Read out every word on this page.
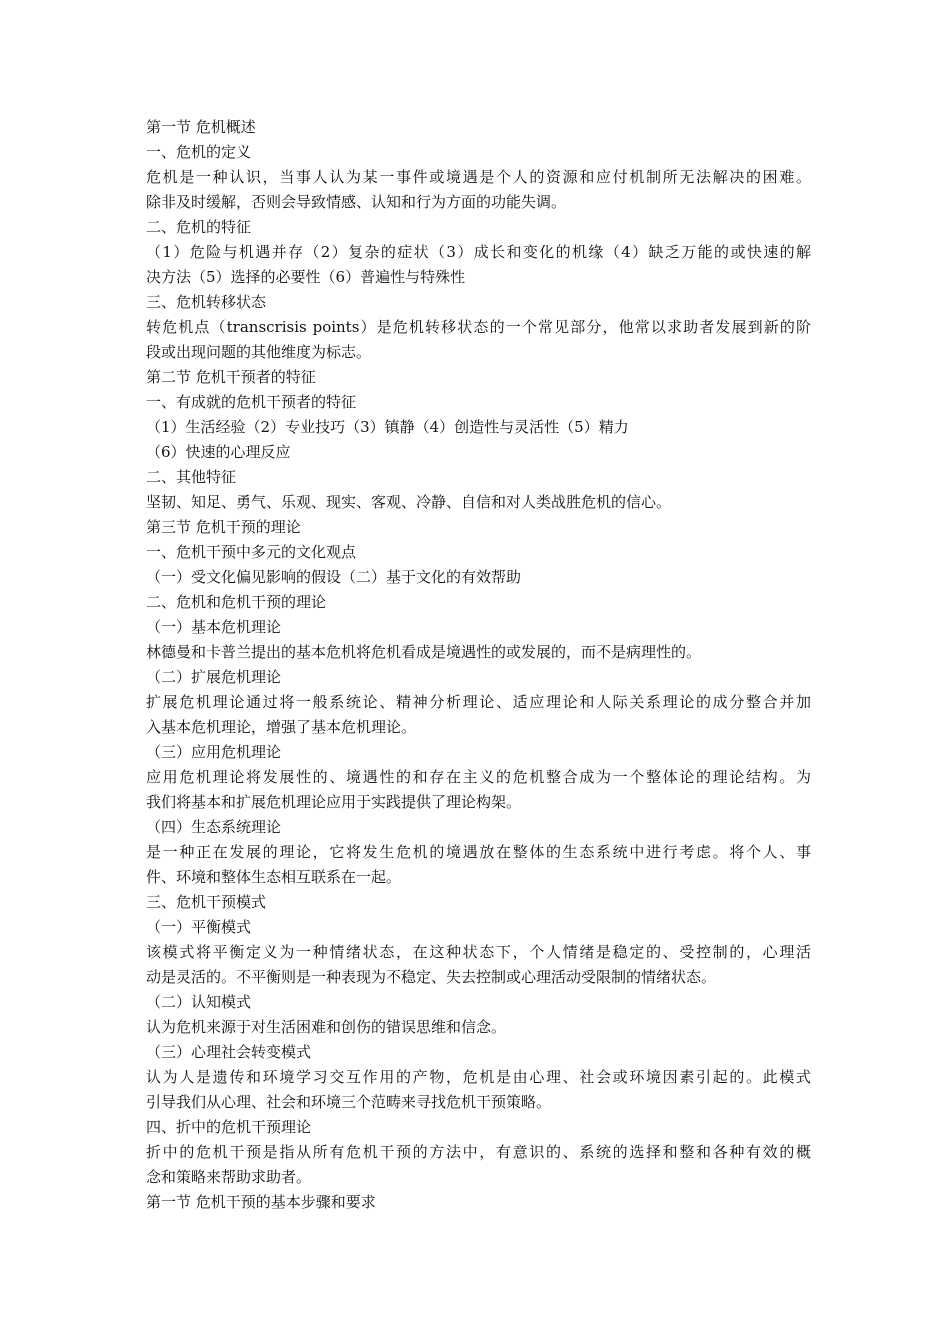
第一节 危机概述
一、危机的定义
危机是一种认识，当事人认为某一事件或境遇是个人的资源和应付机制所无法解决的困难。
除非及时缓解，否则会导致情感、认知和行为方面的功能失调。
二、危机的特征
（1）危险与机遇并存（2）复杂的症状（3）成长和变化的机缘（4）缺乏万能的或快速的解
决方法（5）选择的必要性（6）普遍性与特殊性
三、危机转移状态
转危机点（transcrisis points）是危机转移状态的一个常见部分，他常以求助者发展到新的阶
段或出现问题的其他维度为标志。
第二节 危机干预者的特征
一、有成就的危机干预者的特征
（1）生活经验（2）专业技巧（3）镇静（4）创造性与灵活性（5）精力
（6）快速的心理反应
二、其他特征
坚韧、知足、勇气、乐观、现实、客观、冷静、自信和对人类战胜危机的信心。
第三节 危机干预的理论
一、危机干预中多元的文化观点
（一）受文化偏见影响的假设（二）基于文化的有效帮助
二、危机和危机干预的理论
（一）基本危机理论
林德曼和卡普兰提出的基本危机将危机看成是境遇性的或发展的，而不是病理性的。
（二）扩展危机理论
扩展危机理论通过将一般系统论、精神分析理论、适应理论和人际关系理论的成分整合并加
入基本危机理论，增强了基本危机理论。
（三）应用危机理论
应用危机理论将发展性的、境遇性的和存在主义的危机整合成为一个整体论的理论结构。为
我们将基本和扩展危机理论应用于实践提供了理论构架。
（四）生态系统理论
是一种正在发展的理论，它将发生危机的境遇放在整体的生态系统中进行考虑。将个人、事
件、环境和整体生态相互联系在一起。
三、危机干预模式
（一）平衡模式
该模式将平衡定义为一种情绪状态，在这种状态下，个人情绪是稳定的、受控制的，心理活
动是灵活的。不平衡则是一种表现为不稳定、失去控制或心理活动受限制的情绪状态。
（二）认知模式
认为危机来源于对生活困难和创伤的错误思维和信念。
（三）心理社会转变模式
认为人是遗传和环境学习交互作用的产物，危机是由心理、社会或环境因素引起的。此模式
引导我们从心理、社会和环境三个范畴来寻找危机干预策略。
四、折中的危机干预理论
折中的危机干预是指从所有危机干预的方法中，有意识的、系统的选择和整和各种有效的概
念和策略来帮助求助者。
第一节 危机干预的基本步骤和要求
